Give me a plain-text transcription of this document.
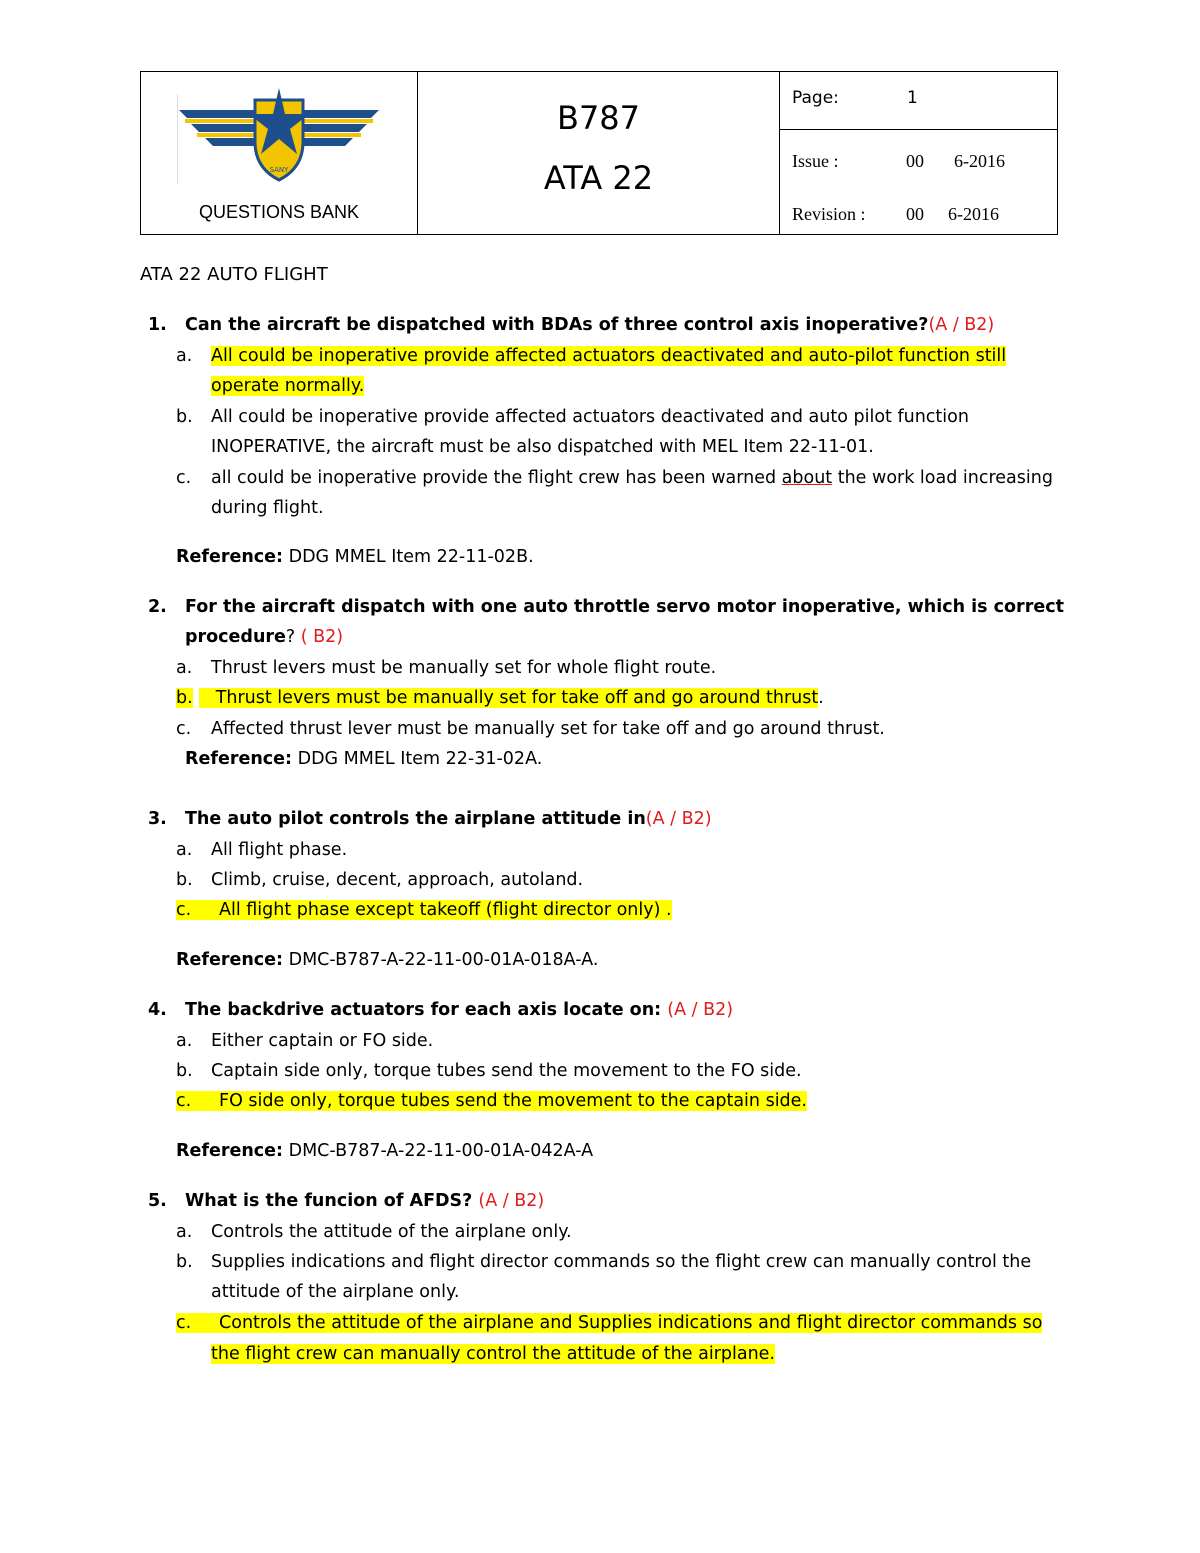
SANY
QUESTIONS BANK
B787
ATA 22
Page:	1
Issue :	00 6-2016
Revision : 00 6-2016
ATA 22 AUTO FLIGHT
1. Can the aircraft be dispatched with BDAs of three control axis inoperative?(A / B2)
a. All could be inoperative provide affected actuators deactivated and auto-pilot function still
operate normally.
b. All could be inoperative provide affected actuators deactivated and auto pilot function
INOPERATIVE, the aircraft must be also dispatched with MEL Item 22-11-01.
c. all could be inoperative provide the flight crew has been warned about the work load increasing
during flight.
Reference: DDG MMEL Item 22-11-02B.
2. For the aircraft dispatch with one auto throttle servo motor inoperative, which is correct
procedure? ( B2)
a. Thrust levers must be manually set for whole flight route.
b.	Thrust levers must be manually set for take off and go around thrust.
c. Affected thrust lever must be manually set for take off and go around thrust.
Reference: DDG MMEL Item 22-31-02A.
3. The auto pilot controls the airplane attitude in(A / B2)
a. All flight phase.
b. Climb, cruise, decent, approach, autoland.
c. All flight phase except takeoff (flight director only) .
Reference: DMC-B787-A-22-11-00-01A-018A-A.
4. The backdrive actuators for each axis locate on: (A / B2)
a. Either captain or FO side.
b. Captain side only, torque tubes send the movement to the FO side.
c. FO side only, torque tubes send the movement to the captain side.
Reference: DMC-B787-A-22-11-00-01A-042A-A
5. What is the funcion of AFDS? (A / B2)
a. Controls the attitude of the airplane only.
b. Supplies indications and flight director commands so the flight crew can manually control the
attitude of the airplane only.
c. Controls the attitude of the airplane and Supplies indications and flight director commands so
the flight crew can manually control the attitude of the airplane.
